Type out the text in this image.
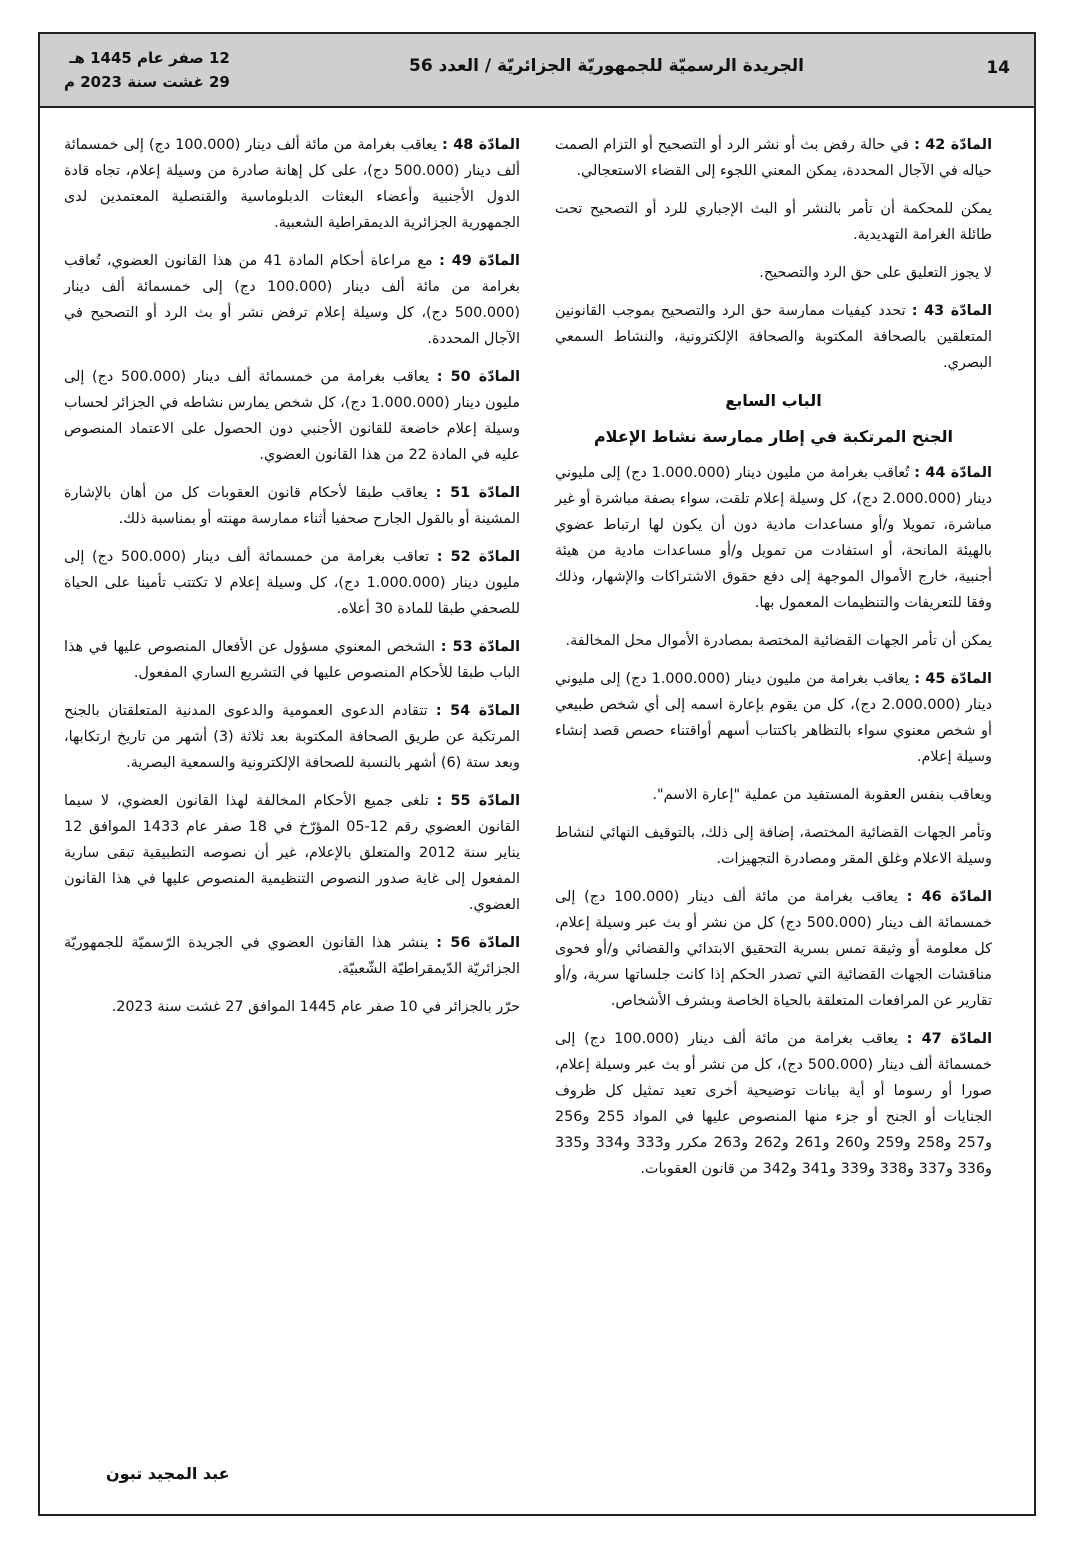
14
الجريدة الرسميّة للجمهوريّة الجزائريّة / العدد 56
12 صفر عام 1445 هـ
29 غشت سنة 2023 م

المادّة 42 : في حالة رفض بث أو نشر الرد أو التصحيح أو التزام الصمت حياله في الآجال المحددة، يمكن المعني اللجوء إلى القضاء الاستعجالي.

يمكن للمحكمة أن تأمر بالنشر أو البث الإجباري للرد أو التصحيح تحت طائلة الغرامة التهديدية.

لا يجوز التعليق على حق الرد والتصحيح.

المادّة 43 : تحدد كيفيات ممارسة حق الرد والتصحيح بموجب القانونين المتعلقين بالصحافة المكتوبة والصحافة الإلكترونية، والنشاط السمعي البصري.

الباب السابع

الجنح المرتكبة في إطار ممارسة نشاط الإعلام

المادّة 44 : تُعاقب بغرامة من مليون دينار (1.000.000 دج) إلى مليوني دينار (2.000.000 دج)، كل وسيلة إعلام تلقت، سواء بصفة مباشرة أو غير مباشرة، تمويلا و/أو مساعدات مادية دون أن يكون لها ارتباط عضوي بالهيئة المانحة، أو استفادت من تمويل و/أو مساعدات مادية من هيئة أجنبية، خارج الأموال الموجهة إلى دفع حقوق الاشتراكات والإشهار، وذلك وفقا للتعريفات والتنظيمات المعمول بها.

يمكن أن تأمر الجهات القضائية المختصة بمصادرة الأموال محل المخالفة.

المادّة 45 : يعاقب بغرامة من مليون دينار (1.000.000 دج) إلى مليوني دينار (2.000.000 دج)، كل من يقوم بإعارة اسمه إلى أي شخص طبيعي أو شخص معنوي سواء بالتظاهر باكتتاب أسهم أواقتناء حصص قصد إنشاء وسيلة إعلام.

ويعاقب بنفس العقوبة المستفيد من عملية "إعارة الاسم".

وتأمر الجهات القضائية المختصة، إضافة إلى ذلك، بالتوقيف النهائي لنشاط وسيلة الاعلام وغلق المقر ومصادرة التجهيزات.

المادّة 46 : يعاقب بغرامة من مائة ألف دينار (100.000 دج) إلى خمسمائة الف دينار (500.000 دج) كل من نشر أو بث عبر وسيلة إعلام، كل معلومة أو وثيقة تمس بسرية التحقيق الابتدائي والقضائي و/أو فحوى مناقشات الجهات القضائية التي تصدر الحكم إذا كانت جلساتها سرية، و/أو تقارير عن المرافعات المتعلقة بالحياة الخاصة وبشرف الأشخاص.

المادّة 47 : يعاقب بغرامة من مائة ألف دينار (100.000 دج) إلى خمسمائة ألف دينار (500.000 دج)، كل من نشر أو بث عبر وسيلة إعلام، صورا أو رسوما أو أية بيانات توضيحية أخرى تعيد تمثيل كل ظروف الجنايات أو الجنح أو جزء منها المنصوص عليها في المواد 255 و256 و257 و258 و259 و260 و261 و262 و263 مكرر و333 و334 و335 و336 و337 و338 و339 و341 و342 من قانون العقوبات.

المادّة 48 : يعاقب بغرامة من مائة ألف دينار (100.000 دج) إلى خمسمائة ألف دينار (500.000 دج)، على كل إهانة صادرة من وسيلة إعلام، تجاه قادة الدول الأجنبية وأعضاء البعثات الدبلوماسية والقنصلية المعتمدين لدى الجمهورية الجزائرية الديمقراطية الشعبية.

المادّة 49 : مع مراعاة أحكام المادة 41 من هذا القانون العضوي، تُعاقب بغرامة من مائة ألف دينار (100.000 دج) إلى خمسمائة ألف دينار (500.000 دج)، كل وسيلة إعلام ترفض نشر أو بث الرد أو التصحيح في الآجال المحددة.

المادّة 50 : يعاقب بغرامة من خمسمائة ألف دينار (500.000 دج) إلى مليون دينار (1.000.000 دج)، كل شخص يمارس نشاطه في الجزائر لحساب وسيلة إعلام خاضعة للقانون الأجنبي دون الحصول على الاعتماد المنصوص عليه في المادة 22 من هذا القانون العضوي.

المادّة 51 : يعاقب طبقا لأحكام قانون العقوبات كل من أهان بالإشارة المشينة أو بالقول الجارح صحفيا أثناء ممارسة مهنته أو بمناسبة ذلك.

المادّة 52 : تعاقب بغرامة من خمسمائة ألف دينار (500.000 دج) إلى مليون دينار (1.000.000 دج)، كل وسيلة إعلام لا تكتتب تأمينا على الحياة للصحفي طبقا للمادة 30 أعلاه.

المادّة 53 : الشخص المعنوي مسؤول عن الأفعال المنصوص عليها في هذا الباب طبقا للأحكام المنصوص عليها في التشريع الساري المفعول.

المادّة 54 : تتقادم الدعوى العمومية والدعوى المدنية المتعلقتان بالجنح المرتكبة عن طريق الصحافة المكتوبة بعد ثلاثة (3) أشهر من تاريخ ارتكابها، وبعد ستة (6) أشهر بالنسبة للصحافة الإلكترونية والسمعية البصرية.

المادّة 55 : تلغى جميع الأحكام المخالفة لهذا القانون العضوي، لا سيما القانون العضوي رقم 12-05 المؤرّخ في 18 صفر عام 1433 الموافق 12 يناير سنة 2012 والمتعلق بالإعلام، غير أن نصوصه التطبيقية تبقى سارية المفعول إلى غاية صدور النصوص التنظيمية المنصوص عليها في هذا القانون العضوي.

المادّة 56 : ينشر هذا القانون العضوي في الجريدة الرّسميّة للجمهوريّة الجزائريّة الدّيمقراطيّة الشّعبيّة.

حرّر بالجزائر في 10 صفر عام 1445 الموافق 27 غشت سنة 2023.

عبد المجيد تبون
